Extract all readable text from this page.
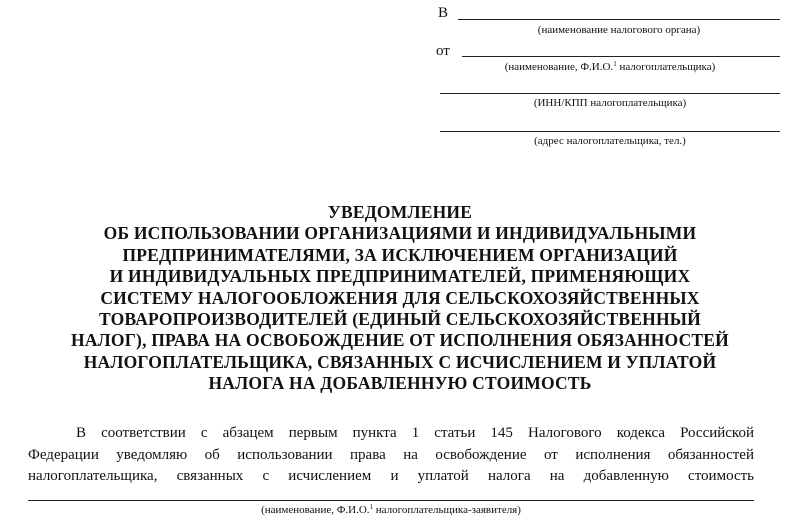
В
(наименование налогового органа)
от
(наименование, Ф.И.О.$^1$ налогоплательщика)
(ИНН/КПП налогоплательщика)
(адрес налогоплательщика, тел.)
УВЕДОМЛЕНИЕ
ОБ ИСПОЛЬЗОВАНИИ ОРГАНИЗАЦИЯМИ И ИНДИВИДУАЛЬНЫМИ
ПРЕДПРИНИМАТЕЛЯМИ, ЗА ИСКЛЮЧЕНИЕМ ОРГАНИЗАЦИЙ
И ИНДИВИДУАЛЬНЫХ ПРЕДПРИНИМАТЕЛЕЙ, ПРИМЕНЯЮЩИХ
СИСТЕМУ НАЛОГООБЛОЖЕНИЯ ДЛЯ СЕЛЬСКОХОЗЯЙСТВЕННЫХ
ТОВАРОПРОИЗВОДИТЕЛЕЙ (ЕДИНЫЙ СЕЛЬСКОХОЗЯЙСТВЕННЫЙ
НАЛОГ), ПРАВА НА ОСВОБОЖДЕНИЕ ОТ ИСПОЛНЕНИЯ ОБЯЗАННОСТЕЙ
НАЛОГОПЛАТЕЛЬЩИКА, СВЯЗАННЫХ С ИСЧИСЛЕНИЕМ И УПЛАТОЙ
НАЛОГА НА ДОБАВЛЕННУЮ СТОИМОСТЬ
В соответствии с абзацем первым пункта 1 статьи 145 Налогового кодекса Российской
Федерации уведомляю об использовании права на освобождение от исполнения обязанностей
налогоплательщика, связанных с исчислением и уплатой налога на добавленную стоимость
(наименование, Ф.И.О.$^1$ налогоплательщика-заявителя)
